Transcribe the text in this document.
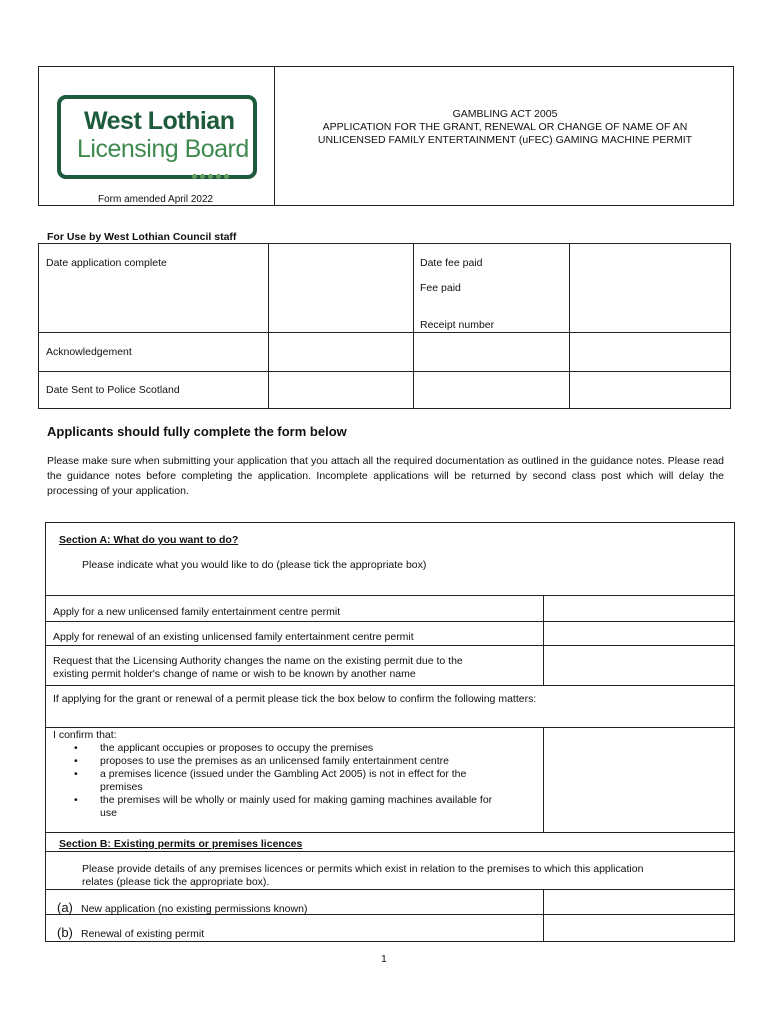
West Lothian
Licensing Board
Form amended April 2022
GAMBLING ACT 2005
APPLICATION FOR THE GRANT, RENEWAL OR CHANGE OF NAME OF AN
UNLICENSED FAMILY ENTERTAINMENT (uFEC) GAMING MACHINE PERMIT
For Use by West Lothian Council staff
Date application complete	Date fee paid
Fee paid
Receipt number
Acknowledgement
Date Sent to Police Scotland
Applicants should fully complete the form below
Please make sure when submitting your application that you attach all the required documentation as outlined in the guidance notes. Please read the guidance notes before completing the application. Incomplete applications will be returned by second class post which will delay the processing of your application.
Section A: What do you want to do?
Please indicate what you would like to do (please tick the appropriate box)
Apply for a new unlicensed family entertainment centre permit
Apply for renewal of an existing unlicensed family entertainment centre permit
Request that the Licensing Authority changes the name on the existing permit due to the
existing permit holder's change of name or wish to be known by another name
If applying for the grant or renewal of a permit please tick the box below to confirm the following matters:
I confirm that:
• the applicant occupies or proposes to occupy the premises
• proposes to use the premises as an unlicensed family entertainment centre
• a premises licence (issued under the Gambling Act 2005) is not in effect for the
premises
• the premises will be wholly or mainly used for making gaming machines available for
use
Section B: Existing permits or premises licences
Please provide details of any premises licences or permits which exist in relation to the premises to which this application
relates (please tick the appropriate box).
(a) New application (no existing permissions known)
(b) Renewal of existing permit
1
